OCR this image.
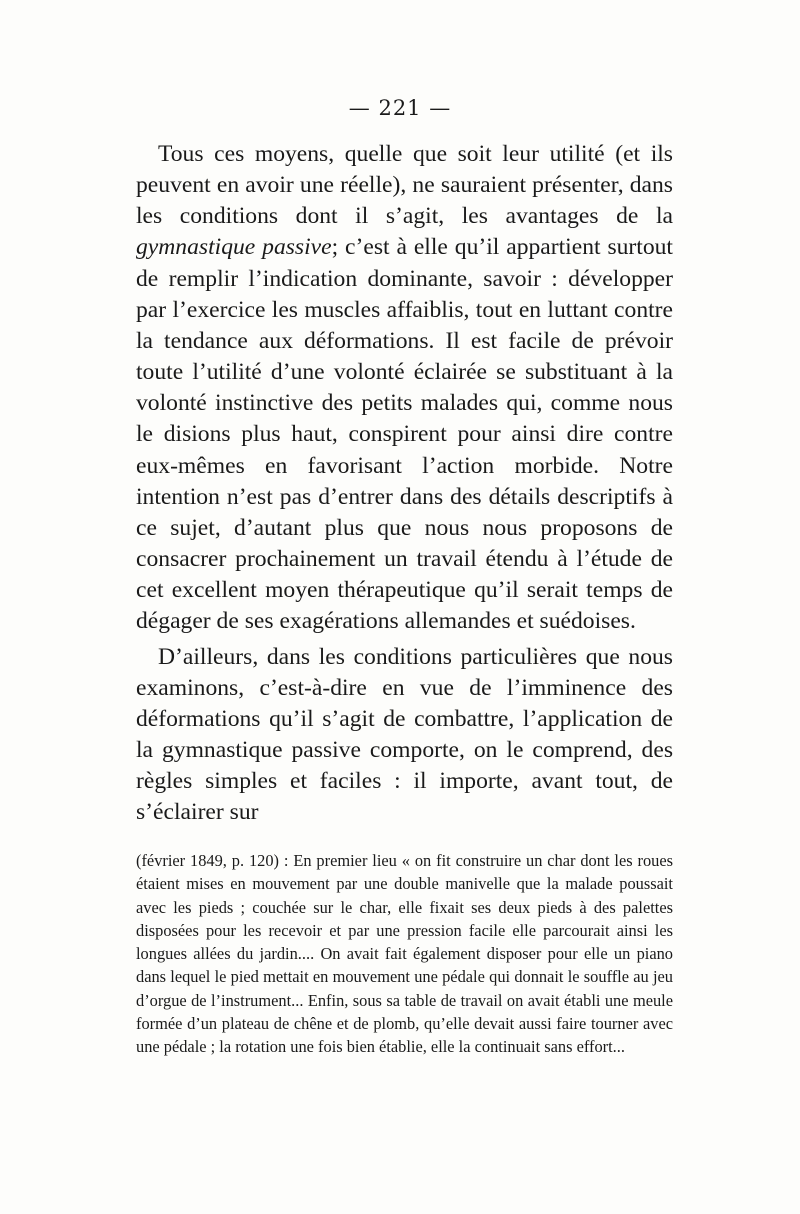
— 221 —

Tous ces moyens, quelle que soit leur utilité (et ils peuvent en avoir une réelle), ne sauraient présenter, dans les conditions dont il s’agit, les avantages de la gymnastique passive; c’est à elle qu’il appartient surtout de remplir l’indication dominante, savoir : développer par l’exercice les muscles affaiblis, tout en luttant contre la tendance aux déformations. Il est facile de prévoir toute l’utilité d’une volonté éclairée se substituant à la volonté instinctive des petits malades qui, comme nous le disions plus haut, conspirent pour ainsi dire contre eux-mêmes en favorisant l’action morbide. Notre intention n’est pas d’entrer dans des détails descriptifs à ce sujet, d’autant plus que nous nous proposons de consacrer prochainement un travail étendu à l’étude de cet excellent moyen thérapeutique qu’il serait temps de dégager de ses exagérations allemandes et suédoises.

D’ailleurs, dans les conditions particulières que nous examinons, c’est-à-dire en vue de l’imminence des déformations qu’il s’agit de combattre, l’application de la gymnastique passive comporte, on le comprend, des règles simples et faciles : il importe, avant tout, de s’éclairer sur

(février 1849, p. 120) : En premier lieu « on fit construire un char dont les roues étaient mises en mouvement par une double manivelle que la malade poussait avec les pieds ; couchée sur le char, elle fixait ses deux pieds à des palettes disposées pour les recevoir et par une pression facile elle parcourait ainsi les longues allées du jardin.... On avait fait également disposer pour elle un piano dans lequel le pied mettait en mouvement une pédale qui donnait le souffle au jeu d’orgue de l’instrument... Enfin, sous sa table de travail on avait établi une meule formée d’un plateau de chêne et de plomb, qu’elle devait aussi faire tourner avec une pédale ; la rotation une fois bien établie, elle la continuait sans effort...
